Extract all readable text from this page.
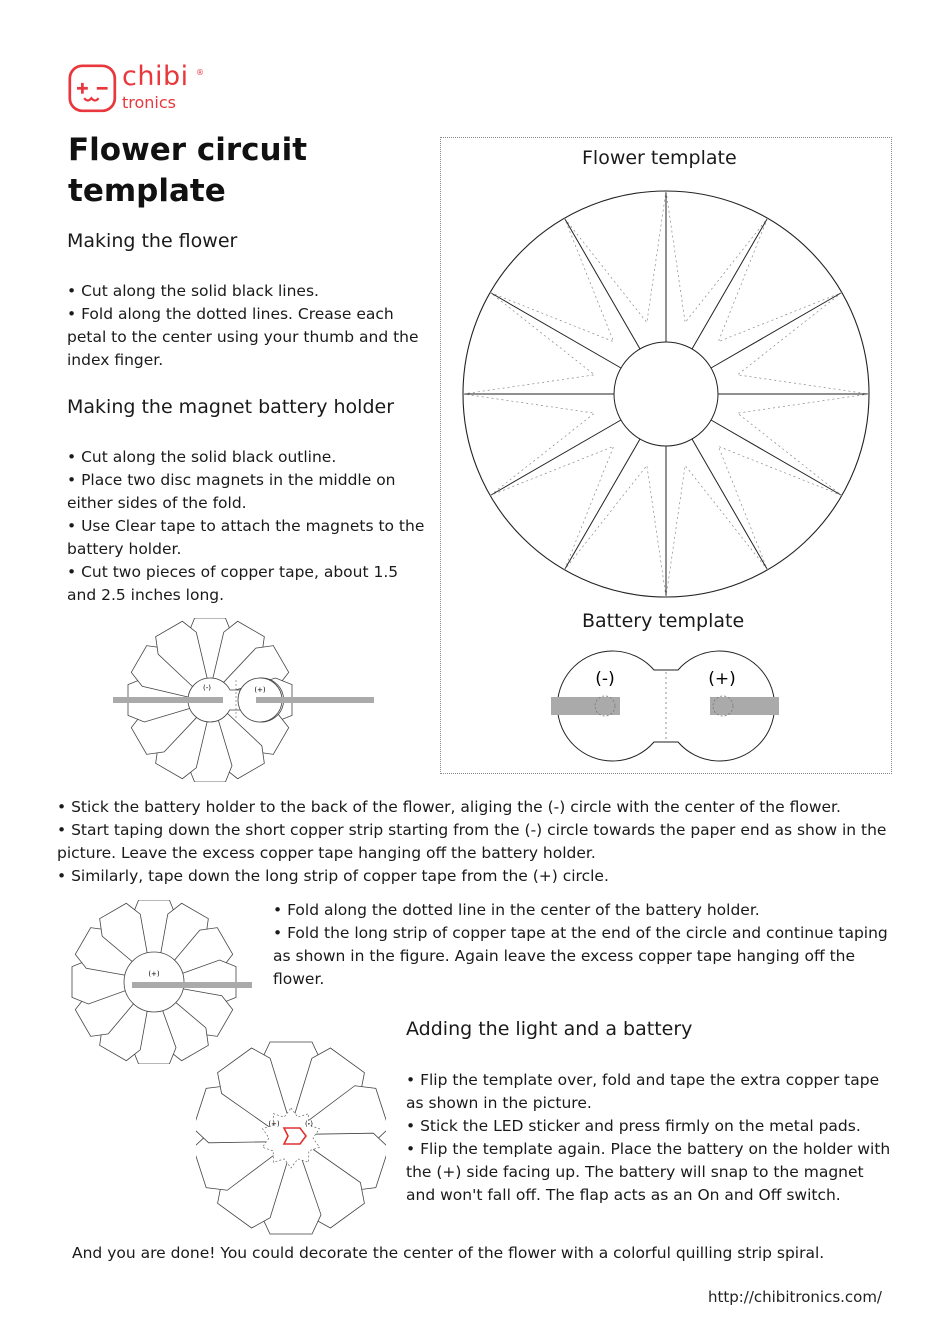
chibi ®
tronics
Flower circuit template
Making the flower
• Cut along the solid black lines.
• Fold along the dotted lines. Crease each petal to the center using your thumb and the index finger.
Making the magnet battery holder
• Cut along the solid black outline.
• Place two disc magnets in the middle on either sides of the fold.
• Use Clear tape to attach the magnets to the battery holder.
• Cut two pieces of copper tape, about 1.5 and 2.5 inches long.
(-)	(+)
Flower template
Battery template
(-)	(+)
• Stick the battery holder to the back of the flower, aliging the (-) circle with the center of the flower.
• Start taping down the short copper strip starting from the (-) circle towards the paper end as show in the picture. Leave the excess copper tape hanging off the battery holder.
• Similarly, tape down the long strip of copper tape from the (+) circle.
(+)
• Fold along the dotted line in the center of the battery holder.
• Fold the long strip of copper tape at the end of the circle and continue taping as shown in the figure. Again leave the excess copper tape hanging off the flower.
Adding the light and a battery
• Flip the template over, fold and tape the extra copper tape as shown in the picture.
• Stick the LED sticker and press firmly on the metal pads.
• Flip the template again. Place the battery on the holder with the (+) side facing up. The battery will snap to the magnet and won't fall off. The flap acts as an On and Off switch.
(+)	(-)
And you are done! You could decorate the center of the flower with a colorful quilling strip spiral.
http://chibitronics.com/
